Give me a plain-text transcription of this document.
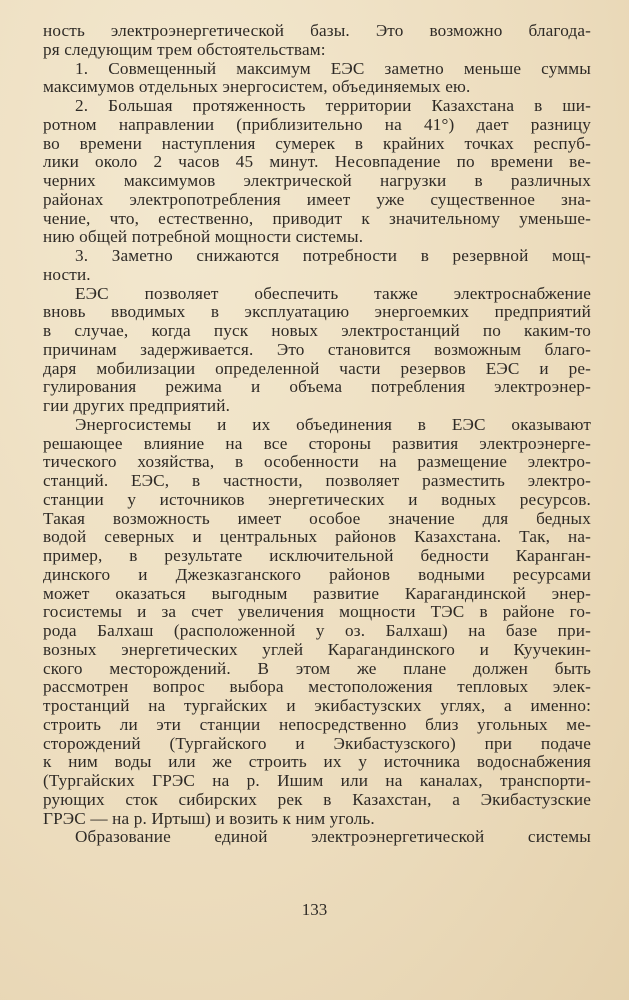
ность электроэнергетической базы. Это возможно благода-
ря следующим трем обстоятельствам:
1. Совмещенный максимум ЕЭС заметно меньше суммы
максимумов отдельных энергосистем, объединяемых ею.
2. Большая протяженность территории Казахстана в ши-
ротном направлении (приблизительно на 41°) дает разницу
во времени наступления сумерек в крайних точках респуб-
лики около 2 часов 45 минут. Несовпадение по времени ве-
черних максимумов электрической нагрузки в различных
районах электропотребления имеет уже существенное зна-
чение, что, естественно, приводит к значительному уменьше-
нию общей потребной мощности системы.
3. Заметно снижаются потребности в резервной мощ-
ности.
ЕЭС позволяет обеспечить также электроснабжение
вновь вводимых в эксплуатацию энергоемких предприятий
в случае, когда пуск новых электростанций по каким-то
причинам задерживается. Это становится возможным благо-
даря мобилизации определенной части резервов ЕЭС и ре-
гулирования режима и объема потребления электроэнер-
гии других предприятий.
Энергосистемы и их объединения в ЕЭС оказывают
решающее влияние на все стороны развития электроэнерге-
тического хозяйства, в особенности на размещение электро-
станций. ЕЭС, в частности, позволяет разместить электро-
станции у источников энергетических и водных ресурсов.
Такая возможность имеет особое значение для бедных
водой северных и центральных районов Казахстана. Так, на-
пример, в результате исключительной бедности Каранган-
динского и Джезказганского районов водными ресурсами
может оказаться выгодным развитие Карагандинской энер-
госистемы и за счет увеличения мощности ТЭС в районе го-
рода Балхаш (расположенной у оз. Балхаш) на базе при-
возных энергетических углей Карагандинского и Куучекин-
ского месторождений. В этом же плане должен быть
рассмотрен вопрос выбора местоположения тепловых элек-
тростанций на тургайских и экибастузских углях, а именно:
строить ли эти станции непосредственно близ угольных ме-
сторождений (Тургайского и Экибастузского) при подаче
к ним воды или же строить их у источника водоснабжения
(Тургайских ГРЭС на р. Ишим или на каналах, транспорти-
рующих сток сибирских рек в Казахстан, а Экибастузские
ГРЭС — на р. Иртыш) и возить к ним уголь.
Образование единой электроэнергетической системы
133
